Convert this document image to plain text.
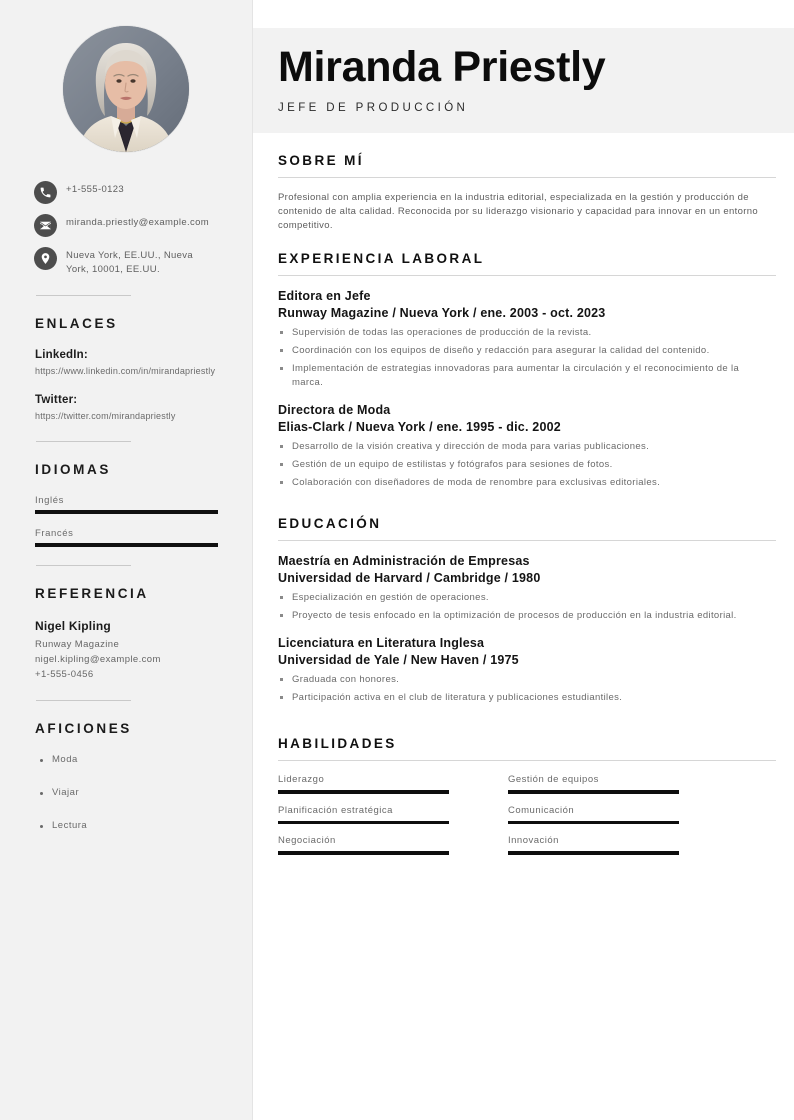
+1-555-0123
miranda.priestly@example.com
Nueva York, EE.UU., Nueva York, 10001, EE.UU.
ENLACES
LinkedIn:
https://www.linkedin.com/in/mirandapriestly
Twitter:
https://twitter.com/mirandapriestly
IDIOMAS
Inglés
Francés
REFERENCIA
Nigel Kipling
Runway Magazine
nigel.kipling@example.com
+1-555-0456
AFICIONES
Moda
Viajar
Lectura
Miranda Priestly
JEFE DE PRODUCCIÓN
SOBRE MÍ

Profesional con amplia experiencia en la industria editorial, especializada en la gestión y producción de contenido de alta calidad. Reconocida por su liderazgo visionario y capacidad para innovar en un entorno competitivo.

EXPERIENCIA LABORAL
Editora en Jefe
Runway Magazine / Nueva York / ene. 2003 - oct. 2023
Supervisión de todas las operaciones de producción de la revista.
Coordinación con los equipos de diseño y redacción para asegurar la calidad del contenido.
Implementación de estrategias innovadoras para aumentar la circulación y el reconocimiento de la marca.
Directora de Moda
Elias-Clark / Nueva York / ene. 1995 - dic. 2002
Desarrollo de la visión creativa y dirección de moda para varias publicaciones.
Gestión de un equipo de estilistas y fotógrafos para sesiones de fotos.
Colaboración con diseñadores de moda de renombre para exclusivas editoriales.
EDUCACIÓN
Maestría en Administración de Empresas
Universidad de Harvard / Cambridge / 1980
Especialización en gestión de operaciones.
Proyecto de tesis enfocado en la optimización de procesos de producción en la industria editorial.
Licenciatura en Literatura Inglesa
Universidad de Yale / New Haven / 1975
Graduada con honores.
Participación activa en el club de literatura y publicaciones estudiantiles.
HABILIDADES
Liderazgo	Gestión de equipos
Planificación estratégica	Comunicación
Negociación	Innovación
